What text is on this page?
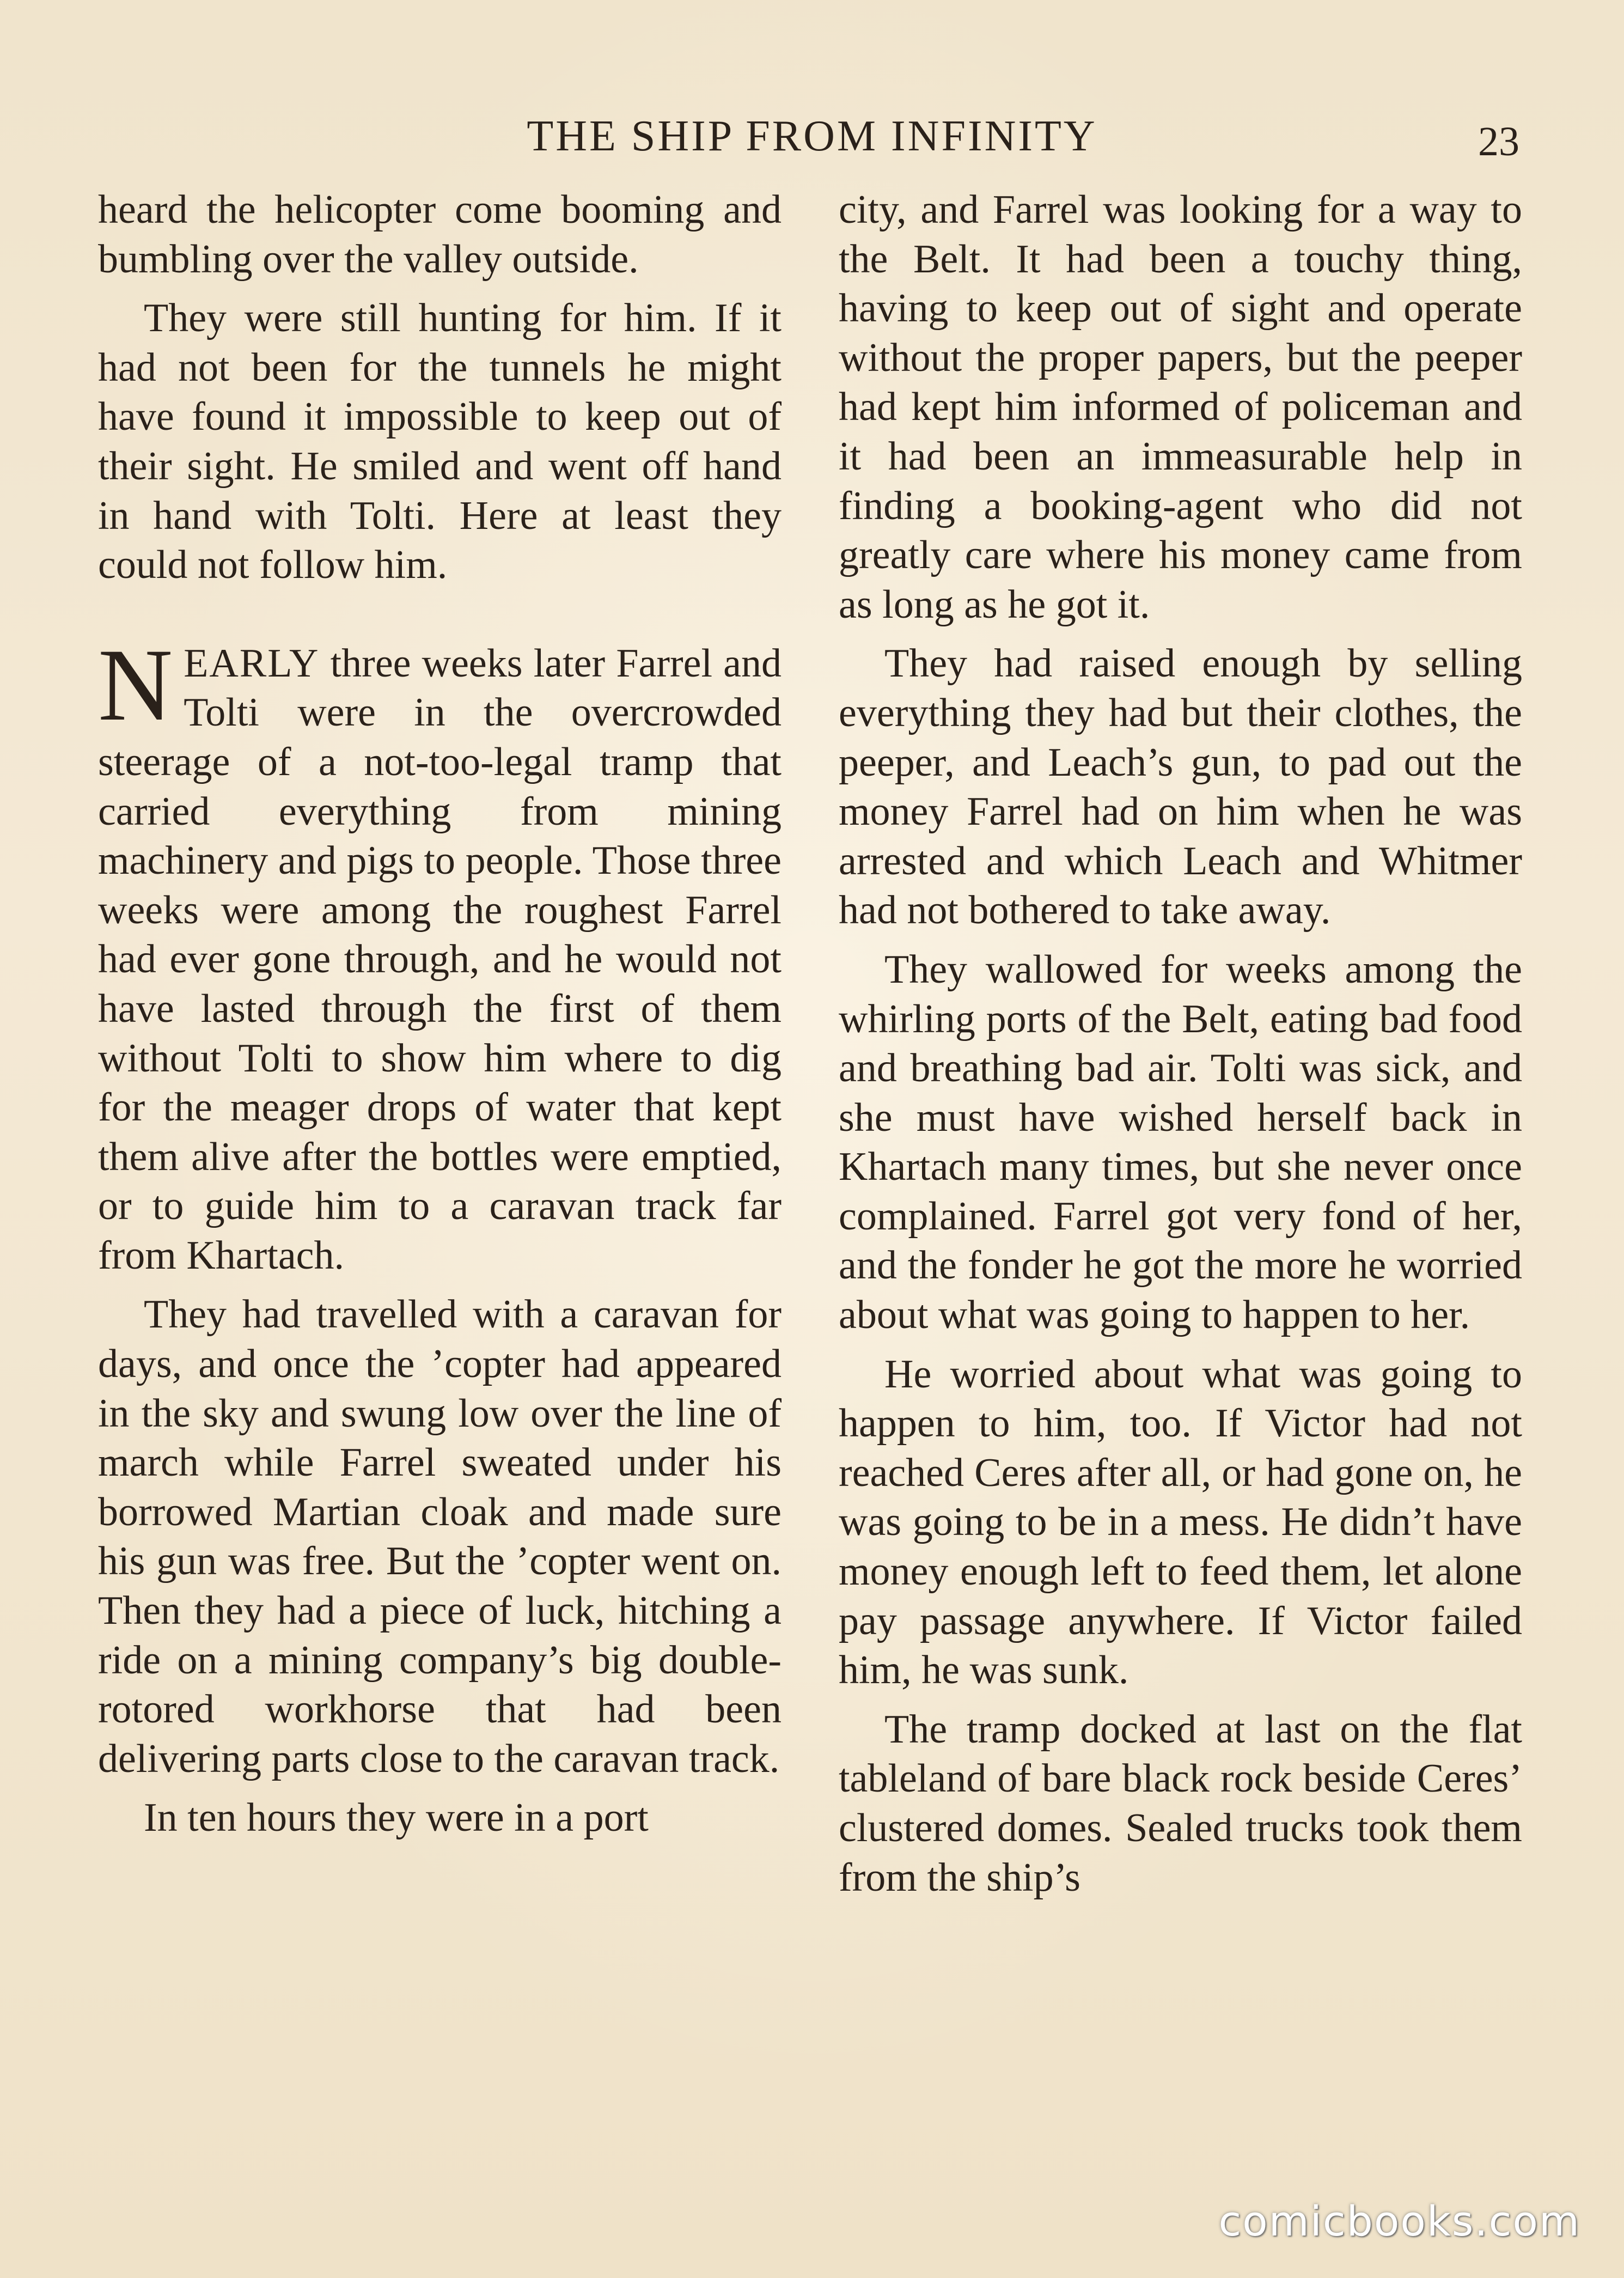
THE SHIP FROM INFINITY	23

heard the helicopter come booming and bumbling over the valley outside.

They were still hunting for him. If it had not been for the tunnels he might have found it impossible to keep out of their sight. He smiled and went off hand in hand with Tolti. Here at least they could not follow him.

NEARLY three weeks later Farrel and Tolti were in the overcrowded steerage of a not-too-legal tramp that carried everything from mining machinery and pigs to people. Those three weeks were among the roughest Farrel had ever gone through, and he would not have lasted through the first of them without Tolti to show him where to dig for the meager drops of water that kept them alive after the bottles were emptied, or to guide him to a caravan track far from Khartach.

They had travelled with a caravan for days, and once the ’copter had appeared in the sky and swung low over the line of march while Farrel sweated under his borrowed Martian cloak and made sure his gun was free. But the ’copter went on. Then they had a piece of luck, hitching a ride on a mining company’s big double-rotored workhorse that had been delivering parts close to the caravan track.

In ten hours they were in a port

city, and Farrel was looking for a way to the Belt. It had been a touchy thing, having to keep out of sight and operate without the proper papers, but the peeper had kept him informed of policeman and it had been an immeasurable help in finding a booking-agent who did not greatly care where his money came from as long as he got it.

They had raised enough by selling everything they had but their clothes, the peeper, and Leach’s gun, to pad out the money Farrel had on him when he was arrested and which Leach and Whitmer had not bothered to take away.

They wallowed for weeks among the whirling ports of the Belt, eating bad food and breathing bad air. Tolti was sick, and she must have wished herself back in Khartach many times, but she never once complained. Farrel got very fond of her, and the fonder he got the more he worried about what was going to happen to her.

He worried about what was going to happen to him, too. If Victor had not reached Ceres after all, or had gone on, he was going to be in a mess. He didn’t have money enough left to feed them, let alone pay passage anywhere. If Victor failed him, he was sunk.

The tramp docked at last on the flat tableland of bare black rock beside Ceres’ clustered domes. Sealed trucks took them from the ship’s

comicbooks.com
